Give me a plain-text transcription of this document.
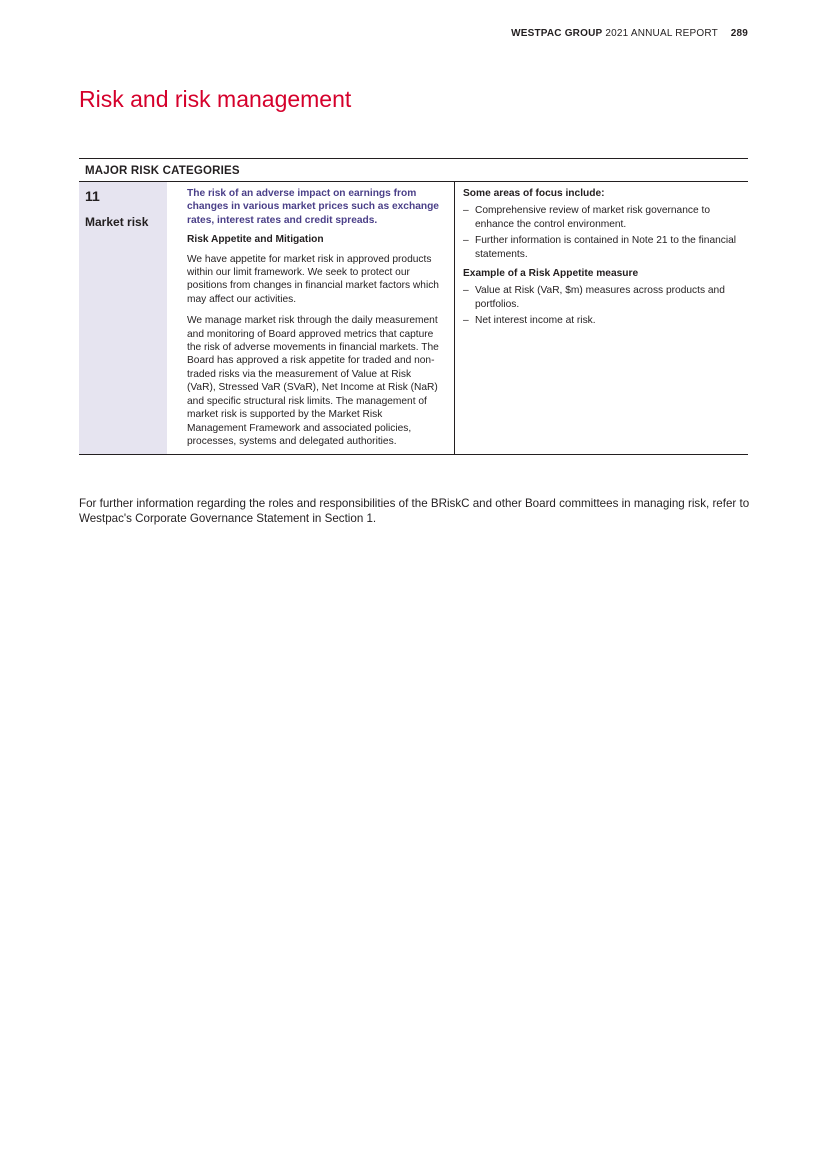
WESTPAC GROUP 2021 ANNUAL REPORT 289
Risk and risk management
MAJOR RISK CATEGORIES
11
Market risk

The risk of an adverse impact on earnings from changes in various market prices such as exchange rates, interest rates and credit spreads.

Risk Appetite and Mitigation

We have appetite for market risk in approved products within our limit framework. We seek to protect our positions from changes in financial market factors which may affect our activities.

We manage market risk through the daily measurement and monitoring of Board approved metrics that capture the risk of adverse movements in financial markets. The Board has approved a risk appetite for traded and non-traded risks via the measurement of Value at Risk (VaR), Stressed VaR (SVaR), Net Income at Risk (NaR) and specific structural risk limits. The management of market risk is supported by the Market Risk Management Framework and associated policies, processes, systems and delegated authorities.

Some areas of focus include:

– Comprehensive review of market risk governance to enhance the control environment.
– Further information is contained in Note 21 to the financial statements.

Example of a Risk Appetite measure

– Value at Risk (VaR, $m) measures across products and portfolios.
– Net interest income at risk.

For further information regarding the roles and responsibilities of the BRiskC and other Board committees in managing risk, refer to Westpac's Corporate Governance Statement in Section 1.
